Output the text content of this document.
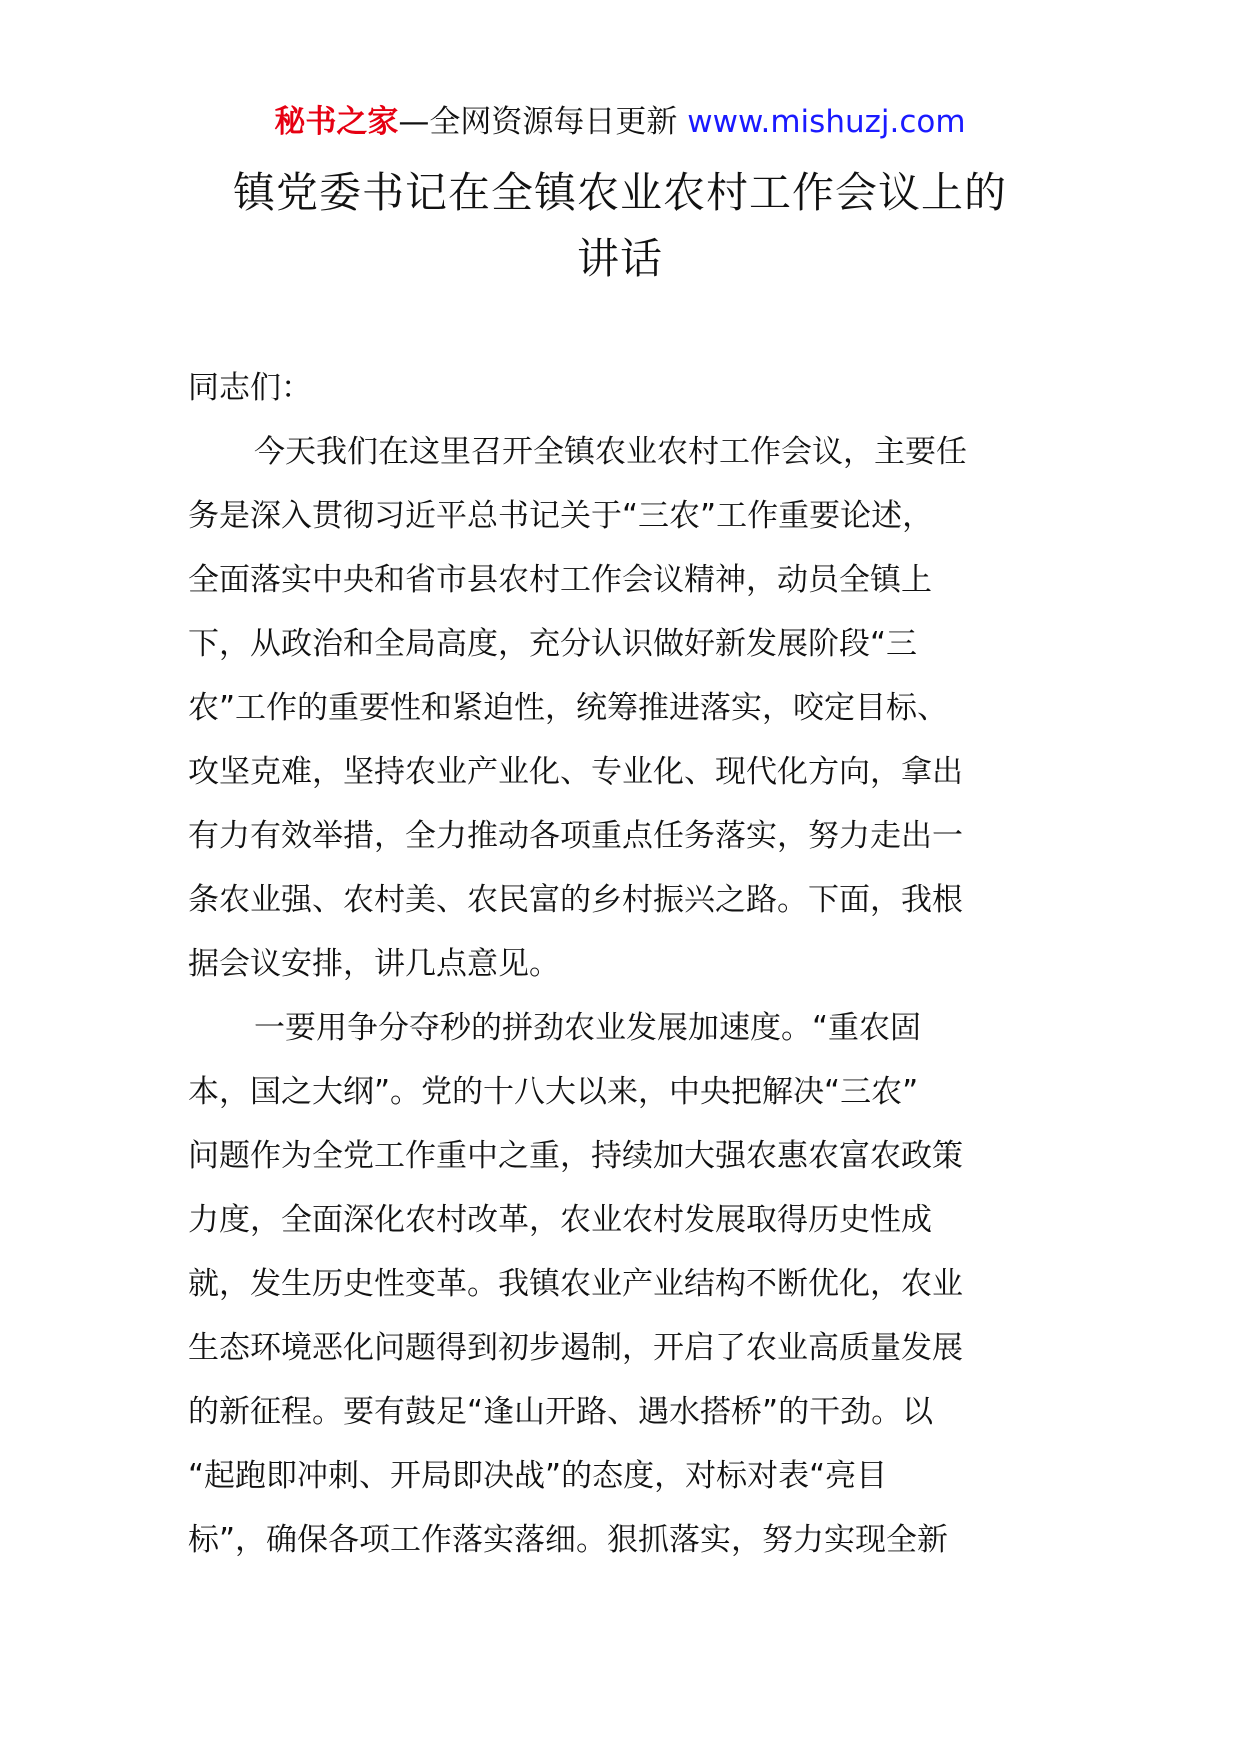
秘书之家—全网资源每日更新 www.mishuzj.com
镇党委书记在全镇农业农村工作会议上的
讲话
同志们：
今天我们在这里召开全镇农业农村工作会议，主要任
务是深入贯彻习近平总书记关于“三农”工作重要论述，
全面落实中央和省市县农村工作会议精神，动员全镇上
下，从政治和全局高度，充分认识做好新发展阶段“三
农”工作的重要性和紧迫性，统筹推进落实，咬定目标、
攻坚克难，坚持农业产业化、专业化、现代化方向，拿出
有力有效举措，全力推动各项重点任务落实，努力走出一
条农业强、农村美、农民富的乡村振兴之路。下面，我根
据会议安排，讲几点意见。
一要用争分夺秒的拼劲农业发展加速度。“重农固
本，国之大纲”。党的十八大以来，中央把解决“三农”
问题作为全党工作重中之重，持续加大强农惠农富农政策
力度，全面深化农村改革，农业农村发展取得历史性成
就，发生历史性变革。我镇农业产业结构不断优化，农业
生态环境恶化问题得到初步遏制，开启了农业高质量发展
的新征程。要有鼓足“逢山开路、遇水搭桥”的干劲。以
“起跑即冲刺、开局即决战”的态度，对标对表“亮目
标”，确保各项工作落实落细。狠抓落实，努力实现全新
